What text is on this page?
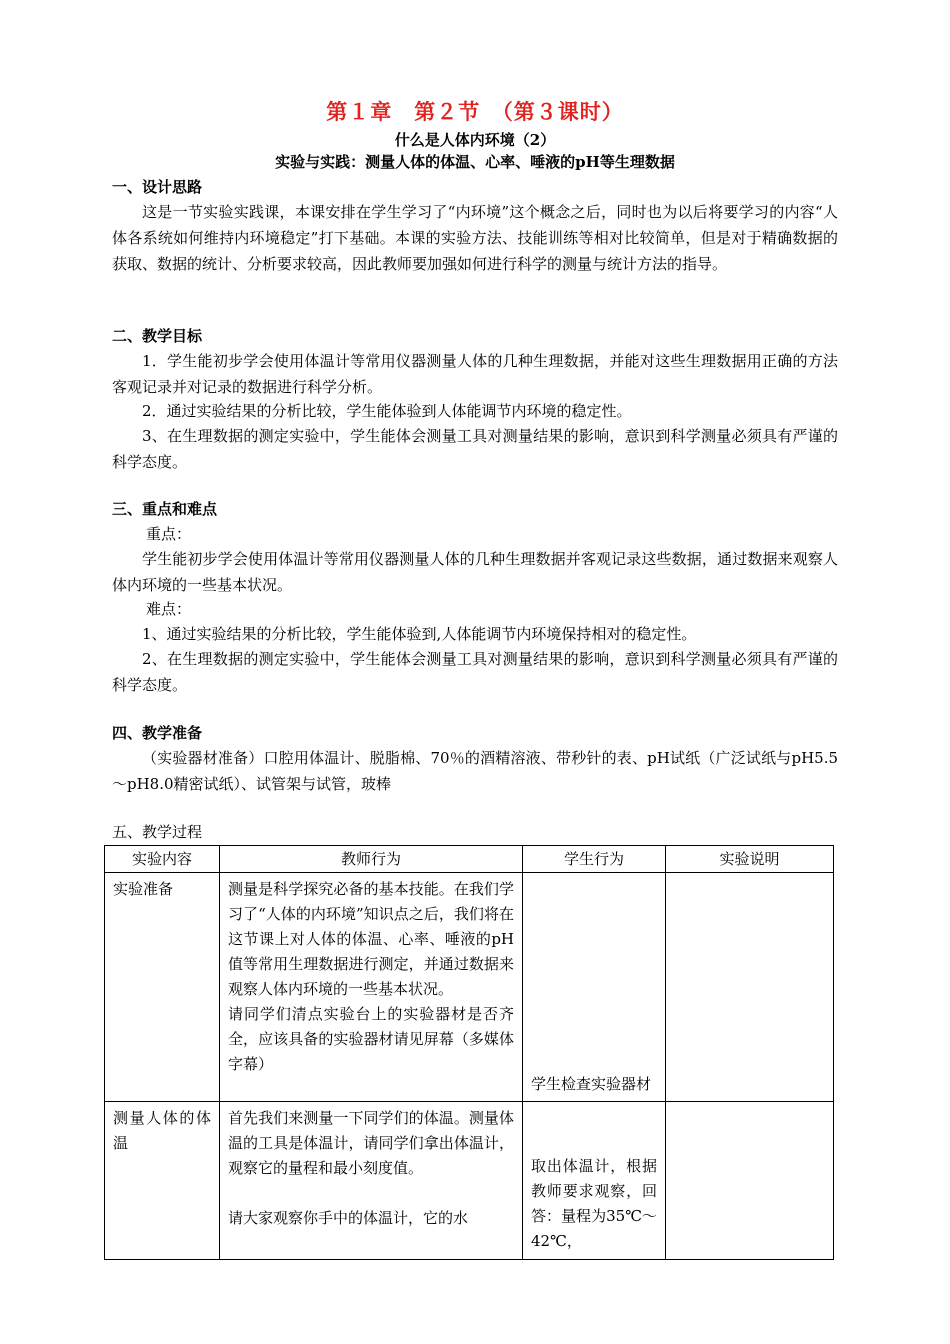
第１章　第２节　（第３课时）
什么是人体内环境（2）
实验与实践：测量人体的体温、心率、唾液的pH等生理数据
一、设计思路

这是一节实验实践课，本课安排在学生学习了“内环境”这个概念之后，同时也为以后将要学习的内容“人体各系统如何维持内环境稳定”打下基础。本课的实验方法、技能训练等相对比较简单，但是对于精确数据的获取、数据的统计、分析要求较高，因此教师要加强如何进行科学的测量与统计方法的指导。

二、教学目标

1．学生能初步学会使用体温计等常用仪器测量人体的几种生理数据，并能对这些生理数据用正确的方法客观记录并对记录的数据进行科学分析。

2．通过实验结果的分析比较，学生能体验到人体能调节内环境的稳定性。

3、在生理数据的测定实验中，学生能体会测量工具对测量结果的影响，意识到科学测量必须具有严谨的科学态度。

三、重点和难点
重点：

学生能初步学会使用体温计等常用仪器测量人体的几种生理数据并客观记录这些数据，通过数据来观察人体内环境的一些基本状况。

难点：

1、通过实验结果的分析比较，学生能体验到,人体能调节内环境保持相对的稳定性。

2、在生理数据的测定实验中，学生能体会测量工具对测量结果的影响，意识到科学测量必须具有严谨的科学态度。

四、教学准备

（实验器材准备）口腔用体温计、脱脂棉、70％的酒精溶液、带秒针的表、pH试纸（广泛试纸与pH5.5～pH8.0精密试纸）、试管架与试管，玻棒

五、教学过程
实验内容	教师行为	学生行为	实验说明
实验准备	测量是科学探究必备的基本技能。在我们学习了“人体的内环境”知识点之后，我们将在这节课上对人体的体温、心率、唾液的pH值等常用生理数据进行测定，并通过数据来观察人体内环境的一些基本状况。
请同学们清点实验台上的实验器材是否齐全，应该具备的实验器材请见屏幕（多媒体字幕）	学生检查实验器材	
测量人体的体温	首先我们来测量一下同学们的体温。测量体温的工具是体温计，请同学们拿出体温计，观察它的量程和最小刻度值。
请大家观察你手中的体温计，它的水	取出体温计，根据教师要求观察，回答：量程为35℃～42℃，	
